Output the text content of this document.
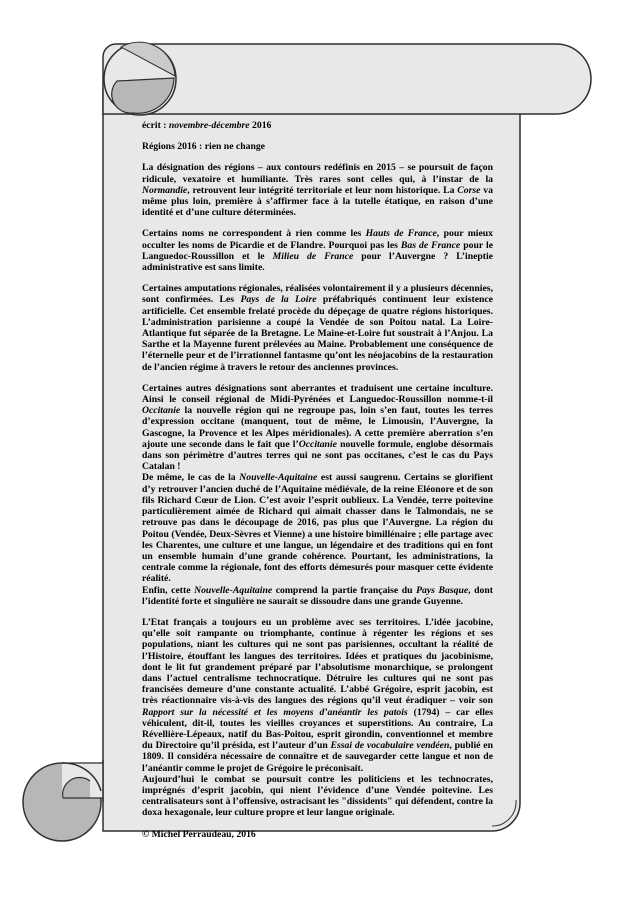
écrit : novembre-décembre 2016

Régions 2016 : rien ne change

La désignation des régions – aux contours redéfinis en 2015 – se poursuit de façon ridicule, vexatoire et humiliante. Très rares sont celles qui, à l’instar de la Normandie, retrouvent leur intégrité territoriale et leur nom historique. La Corse va même plus loin, première à s’affirmer face à la tutelle étatique, en raison d’une identité et d’une culture déterminées.

Certains noms ne correspondent à rien comme les Hauts de France, pour mieux occulter les noms de Picardie et de Flandre. Pourquoi pas les Bas de France pour le Languedoc-Roussillon et le Milieu de France pour l’Auvergne ? L’ineptie administrative est sans limite.

Certaines amputations régionales, réalisées volontairement il y a plusieurs décennies, sont confirmées. Les Pays de la Loire préfabriqués continuent leur existence artificielle. Cet ensemble frelaté procède du dépeçage de quatre régions historiques. L’administration parisienne a coupé la Vendée de son Poitou natal. La Loire-Atlantique fut séparée de la Bretagne. Le Maine-et-Loire fut soustrait à l’Anjou. La Sarthe et la Mayenne furent prélevées au Maine. Probablement une conséquence de l’éternelle peur et de l’irrationnel fantasme qu’ont les néojacobins de la restauration de l’ancien régime à travers le retour des anciennes provinces.

Certaines autres désignations sont aberrantes et traduisent une certaine inculture. Ainsi le conseil régional de Midi-Pyrénées et Languedoc-Roussillon nomme-t-il Occitanie la nouvelle région qui ne regroupe pas, loin s’en faut, toutes les terres d’expression occitane (manquent, tout de même, le Limousin, l’Auvergne, la Gascogne, la Provence et les Alpes méridionales). A cette première aberration s’en ajoute une seconde dans le fait que l’Occitanie nouvelle formule, englobe désormais dans son périmètre d’autres terres qui ne sont pas occitanes, c’est le cas du Pays Catalan !

De même, le cas de la Nouvelle-Aquitaine est aussi saugrenu. Certains se glorifient d’y retrouver l’ancien duché de l’Aquitaine médiévale, de la reine Eléonore et de son fils Richard Cœur de Lion. C’est avoir l’esprit oublieux. La Vendée, terre poitevine particulièrement aimée de Richard qui aimait chasser dans le Talmondais, ne se retrouve pas dans le découpage de 2016, pas plus que l’Auvergne. La région du Poitou (Vendée, Deux-Sèvres et Vienne) a une histoire bimillénaire ; elle partage avec les Charentes, une culture et une langue, un légendaire et des traditions qui en font un ensemble humain d’une grande cohérence. Pourtant, les administrations, la centrale comme la régionale, font des efforts démesurés pour masquer cette évidente réalité.

Enfin, cette Nouvelle-Aquitaine comprend la partie française du Pays Basque, dont l’identité forte et singulière ne saurait se dissoudre dans une grande Guyenne.

L’Etat français a toujours eu un problème avec ses territoires. L’idée jacobine, qu’elle soit rampante ou triomphante, continue à régenter les régions et ses populations, niant les cultures qui ne sont pas parisiennes, occultant la réalité de l’Histoire, étouffant les langues des territoires. Idées et pratiques du jacobinisme, dont le lit fut grandement préparé par l’absolutisme monarchique, se prolongent dans l’actuel centralisme technocratique. Détruire les cultures qui ne sont pas francisées demeure d’une constante actualité. L’abbé Grégoire, esprit jacobin, est très réactionnaire vis-à-vis des langues des régions qu’il veut éradiquer – voir son Rapport sur la nécessité et les moyens d’anéantir les patois (1794) – car elles véhiculent, dit-il, toutes les vieilles croyances et superstitions. Au contraire, La Révellière-Lépeaux, natif du Bas-Poitou, esprit girondin, conventionnel et membre du Directoire qu’il présida, est l’auteur d’un Essai de vocabulaire vendéen, publié en 1809. Il considéra nécessaire de connaître et de sauvegarder cette langue et non de l’anéantir comme le projet de Grégoire le préconisait.

Aujourd’hui le combat se poursuit contre les politiciens et les technocrates, imprégnés d’esprit jacobin, qui nient l’évidence d’une Vendée poitevine. Les centralisateurs sont à l’offensive, ostracisant les "dissidents" qui défendent, contre la doxa hexagonale, leur culture propre et leur langue originale.

© Michel Perraudeau, 2016
